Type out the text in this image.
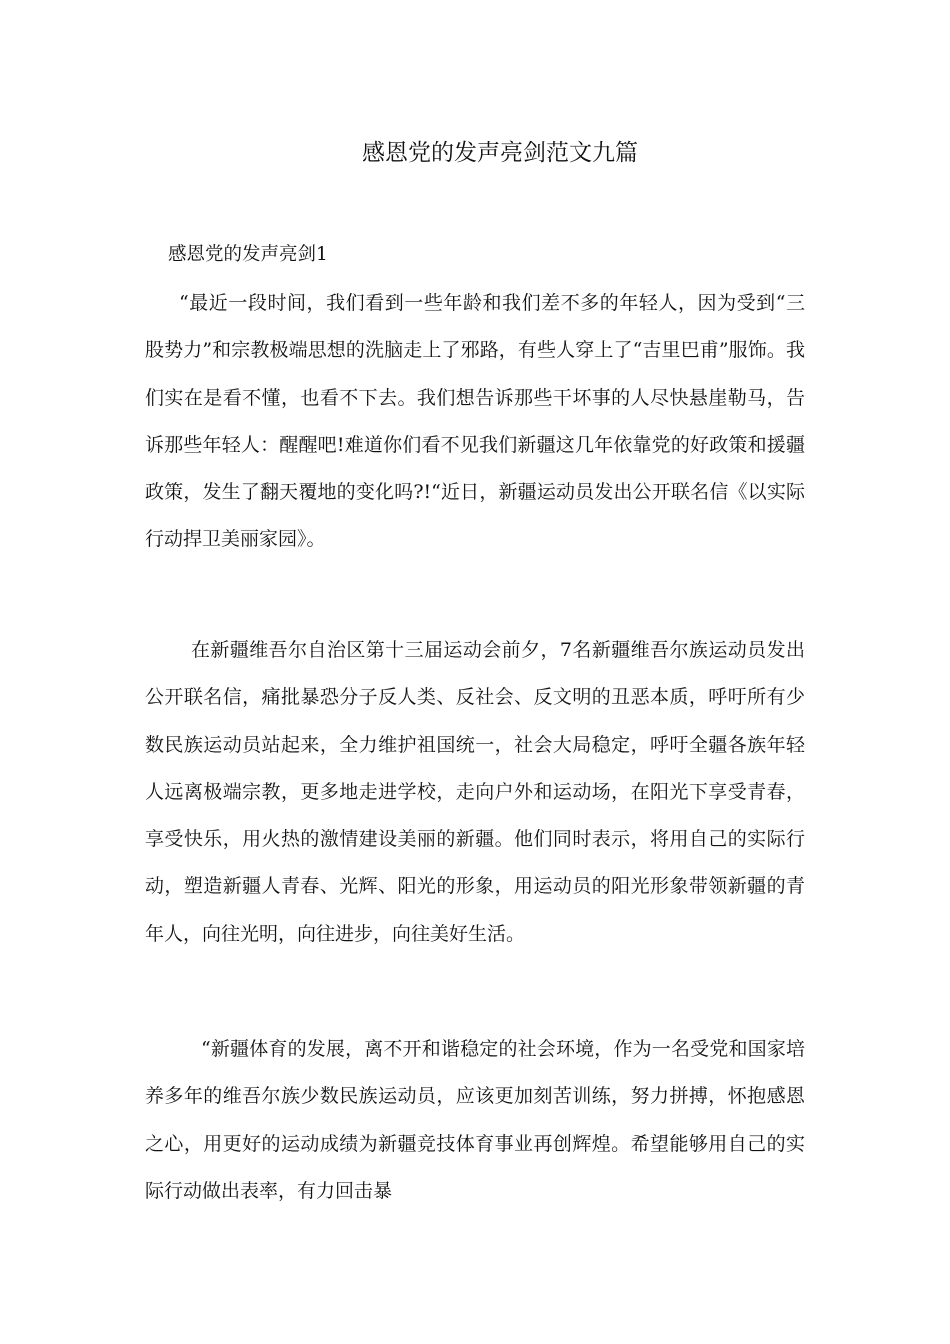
感恩党的发声亮剑范文九篇
感恩党的发声亮剑1

“最近一段时间，我们看到一些年龄和我们差不多的年轻人，因为受到“三股势力”和宗教极端思想的洗脑走上了邪路，有些人穿上了“吉里巴甫”服饰。我们实在是看不懂，也看不下去。我们想告诉那些干坏事的人尽快悬崖勒马，告诉那些年轻人：醒醒吧!难道你们看不见我们新疆这几年依靠党的好政策和援疆政策，发生了翻天覆地的变化吗?!“近日，新疆运动员发出公开联名信《以实际行动捍卫美丽家园》。

在新疆维吾尔自治区第十三届运动会前夕，7名新疆维吾尔族运动员发出公开联名信，痛批暴恐分子反人类、反社会、反文明的丑恶本质，呼吁所有少数民族运动员站起来，全力维护祖国统一，社会大局稳定，呼吁全疆各族年轻人远离极端宗教，更多地走进学校，走向户外和运动场，在阳光下享受青春，享受快乐，用火热的激情建设美丽的新疆。他们同时表示，将用自己的实际行动，塑造新疆人青春、光辉、阳光的形象，用运动员的阳光形象带领新疆的青年人，向往光明，向往进步，向往美好生活。

“新疆体育的发展，离不开和谐稳定的社会环境，作为一名受党和国家培养多年的维吾尔族少数民族运动员，应该更加刻苦训练，努力拼搏，怀抱感恩之心，用更好的运动成绩为新疆竞技体育事业再创辉煌。希望能够用自己的实际行动做出表率，有力回击暴
